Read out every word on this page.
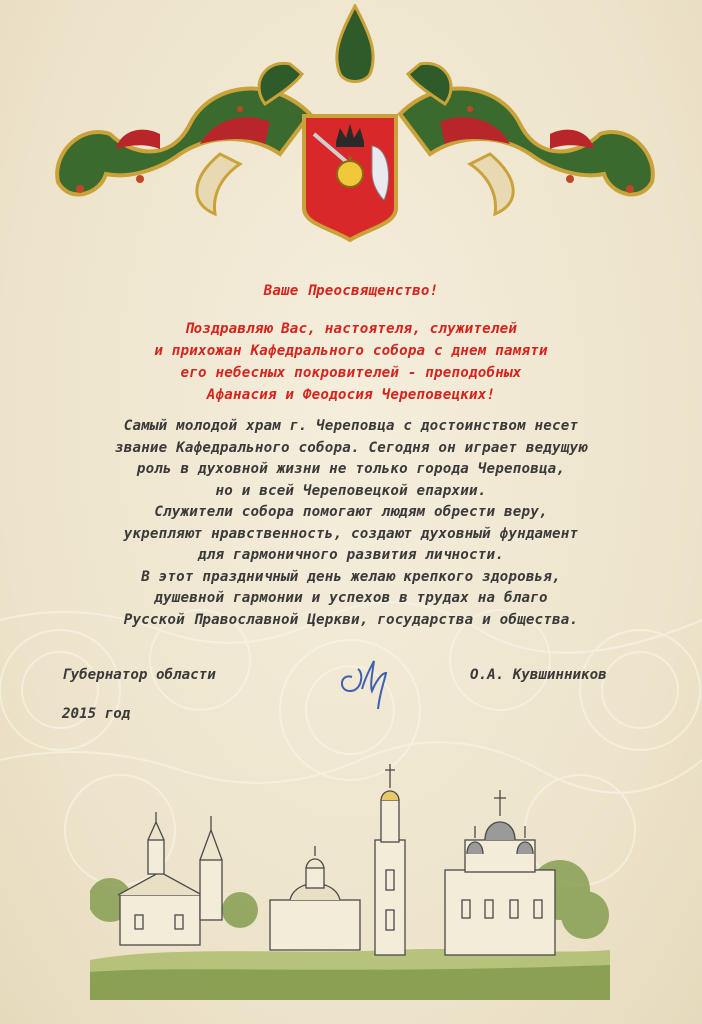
Ваше Преосвященство!
Поздравляю Вас, настоятеля, служителей
и прихожан Кафедрального собора с днем памяти
его небесных покровителей - преподобных
Афанасия и Феодосия Череповецких!
Самый молодой храм г. Череповца с достоинством несет
звание Кафедрального собора. Сегодня он играет ведущую
роль в духовной жизни не только города Череповца,
но и всей Череповецкой епархии.
Служители собора помогают людям обрести веру,
укрепляют нравственность, создают духовный фундамент
для гармоничного развития личности.
В этот праздничный день желаю крепкого здоровья,
душевной гармонии и успехов в трудах на благо
Русской Православной Церкви, государства и общества.
Губернатор области	О.А. Кувшинников
2015 год
